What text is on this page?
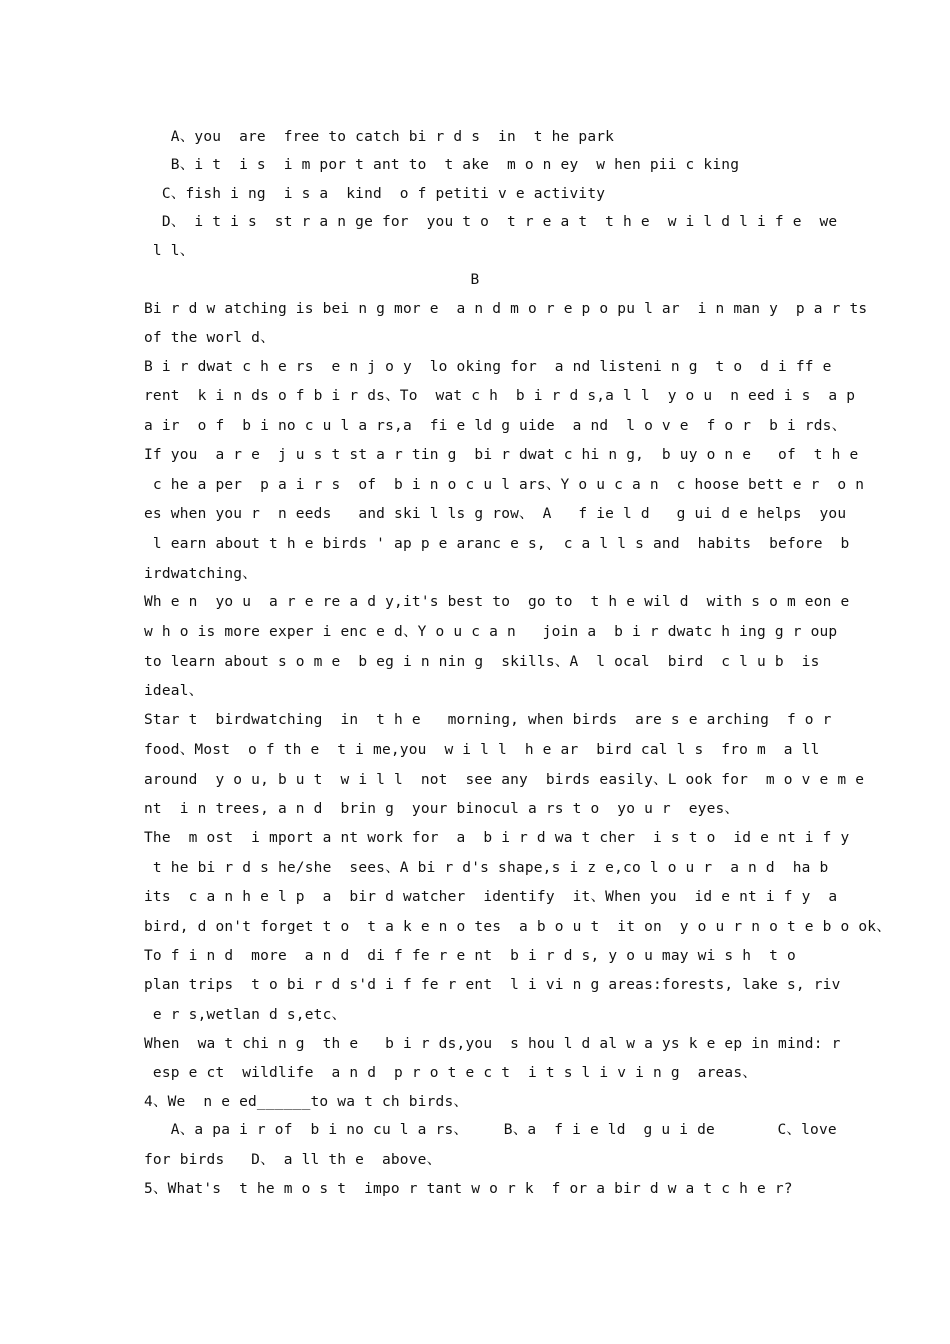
A、you  are  free to catch bi r d s  in  t he park
B、i t  i s  i m por t ant to  t ake  m o n ey  w hen pii c king
C、fish i ng  i s a  kind  o f petiti v e activity
D、 i t i s  st r a n ge for  you t o  t r e a t  t h e  w i l d l i f e  we
l l、
B
Bi r d w atching is bei n g mor e  a n d m o r e p o pu l ar  i n man y  p a r ts
of the worl d、
B i r dwat c h e rs  e n j o y  lo oking for  a nd listeni n g  t o  d i ff e
rent  k i n ds o f b i r ds、To  wat c h  b i r d s,a l l  y o u  n eed i s  a p
a ir  o f  b i no c u l a rs,a  fi e ld g uide  a nd  l o v e  f o r  b i rds、
If you  a r e  j u s t st a r tin g  bi r dwat c hi n g,  b uy o n e   of  t h e
c he a per  p a i r s  of  b i n o c u l ars、Y o u c a n  c hoose bett e r  o n
es when you r  n eeds   and ski l ls g row、 A   f ie l d   g ui d e helps  you
l earn about t h e birds ' ap p e aranc e s,  c a l l s and  habits  before  b
irdwatching、
Wh e n  yo u  a r e re a d y,it's best to  go to  t h e wil d  with s o m eon e
w h o is more exper i enc e d、Y o u c a n   join a  b i r dwatc h ing g r oup
to learn about s o m e  b eg i n nin g  skills、A  l ocal  bird  c l u b  is
ideal、
Star t  birdwatching  in  t h e   morning, when birds  are s e arching  f o r
food、Most  o f th e  t i me,you  w i l l  h e ar  bird cal l s  fro m  a ll
around  y o u, b u t  w i l l  not  see any  birds easily、L ook for  m o v e m e
nt  i n trees, a n d  brin g  your binocul a rs t o  yo u r  eyes、
The  m ost  i mport a nt work for  a  b i r d wa t cher  i s t o  id e nt i f y
t he bi r d s he/she  sees、A bi r d's shape,s i z e,co l o u r  a n d  ha b
its  c a n h e l p  a  bir d watcher  identify  it、When you  id e nt i f y  a
bird, d on't forget t o  t a k e n o tes  a b o u t  it on  y o u r n o t e b o ok、
To f i n d  more  a n d  di f fe r e nt  b i r d s, y o u may wi s h  t o
plan trips  t o bi r d s'd i f fe r ent  l i vi n g areas:forests, lake s, riv
e r s,wetlan d s,etc、
When  wa t chi n g  th e   b i r ds,you  s hou l d al w a ys k e ep in mind: r
esp e ct  wildlife  a n d  p r o t e c t  i t s l i v i n g  areas、
4、We  n e ed______to wa t ch birds、
A、a pa i r of  b i no cu l a rs、    B、a  f i e ld  g u i de       C、love
for birds   D、 a ll th e  above、
5、What's  t he m o s t  impo r tant w o r k  f or a bir d w a t c h e r?
